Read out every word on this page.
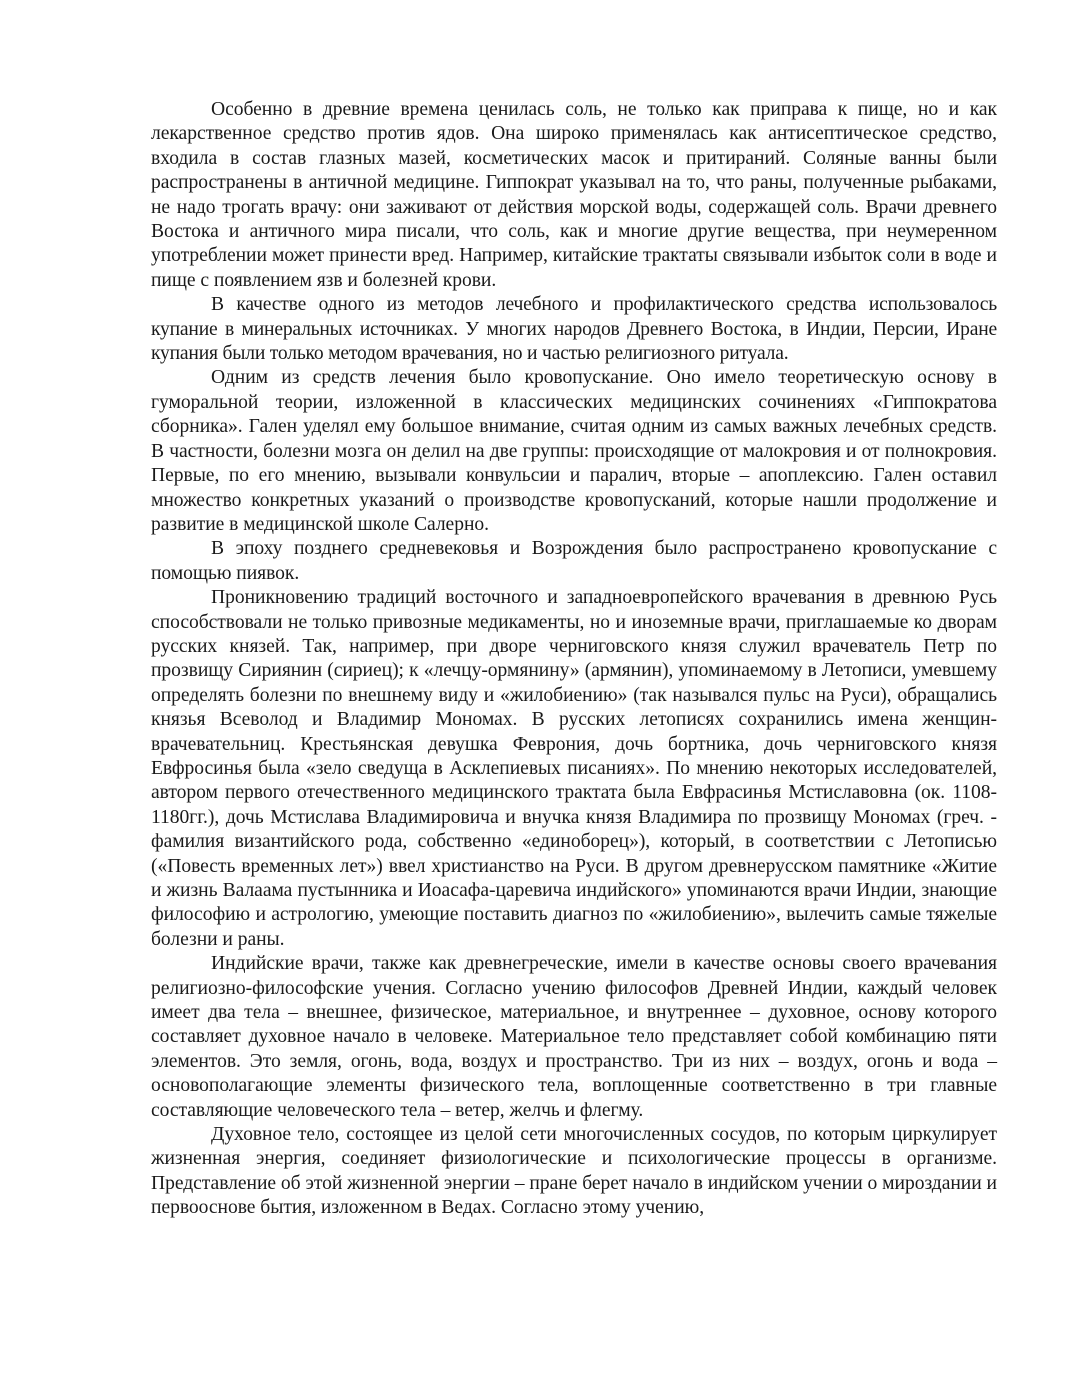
Особенно в древние времена ценилась соль, не только как приправа к пище, но и как лекарственное средство против ядов. Она широко применялась как антисептическое средство, входила в состав глазных мазей, косметических масок и притираний. Соляные ванны были распространены в античной медицине. Гиппократ указывал на то, что раны, полученные рыбаками, не надо трогать врачу: они заживают от действия морской воды, содержащей соль. Врачи древнего Востока и античного мира писали, что соль, как и многие другие вещества, при неумеренном употреблении может принести вред. Например, китайские трактаты связывали избыток соли в воде и пище с появлением язв и болезней крови.

В качестве одного из методов лечебного и профилактического средства использовалось купание в минеральных источниках. У многих народов Древнего Востока, в Индии, Персии, Иране купания были только методом врачевания, но и частью религиозного ритуала.

Одним из средств лечения было кровопускание. Оно имело теоретическую основу в гуморальной теории, изложенной в классических медицинских сочинениях «Гиппократова сборника». Гален уделял ему большое внимание, считая одним из самых важных лечебных средств. В частности, болезни мозга он делил на две группы: происходящие от малокровия и от полнокровия. Первые, по его мнению, вызывали конвульсии и паралич, вторые – апоплексию. Гален оставил множество конкретных указаний о производстве кровопусканий, которые нашли продолжение и развитие в медицинской школе Салерно.

В эпоху позднего средневековья и Возрождения было распространено кровопускание с помощью пиявок.

Проникновению традиций восточного и западноевропейского врачевания в древнюю Русь способствовали не только привозные медикаменты, но и иноземные врачи, приглашаемые ко дворам русских князей. Так, например, при дворе черниговского князя служил врачеватель Петр по прозвищу Сириянин (сириец); к «лечцу-ормянину» (армянин), упоминаемому в Летописи, умевшему определять болезни по внешнему виду и «жилобиению» (так назывался пульс на Руси), обращались князья Всеволод и Владимир Мономах. В русских летописях сохранились имена женщин-врачевательниц. Крестьянская девушка Феврония, дочь бортника, дочь черниговского князя Евфросинья была «зело сведуща в Асклепиевых писаниях». По мнению некоторых исследователей, автором первого отечественного медицинского трактата была Евфрасинья Мстиславовна (ок. 1108-1180гг.), дочь Мстислава Владимировича и внучка князя Владимира по прозвищу Мономах (греч. - фамилия византийского рода, собственно «единоборец»), который, в соответствии с Летописью («Повесть временных лет») ввел христианство на Руси. В другом древнерусском памятнике «Житие и жизнь Валаама пустынника и Иоасафа-царевича индийского» упоминаются врачи Индии, знающие философию и астрологию, умеющие поставить диагноз по «жилобиению», вылечить самые тяжелые болезни и раны.

Индийские врачи, также как древнегреческие, имели в качестве основы своего врачевания религиозно-философские учения. Согласно учению философов Древней Индии, каждый человек имеет два тела – внешнее, физическое, материальное, и внутреннее – духовное, основу которого составляет духовное начало в человеке. Материальное тело представляет собой комбинацию пяти элементов. Это земля, огонь, вода, воздух и пространство. Три из них – воздух, огонь и вода – основополагающие элементы физического тела, воплощенные соответственно в три главные составляющие человеческого тела – ветер, желчь и флегму.

Духовное тело, состоящее из целой сети многочисленных сосудов, по которым циркулирует жизненная энергия, соединяет физиологические и психологические процессы в организме. Представление об этой жизненной энергии – пране берет начало в индийском учении о мироздании и первооснове бытия, изложенном в Ведах. Согласно этому учению,
